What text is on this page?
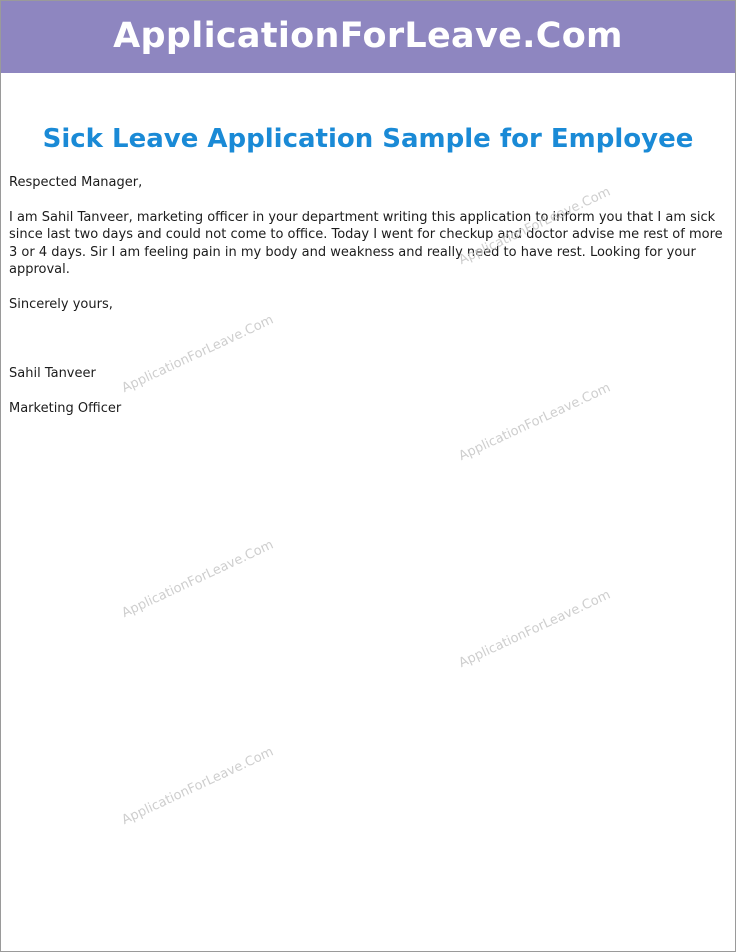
ApplicationForLeave.Com
Sick Leave Application Sample for Employee

Respected Manager,

I am Sahil Tanveer, marketing officer in your department writing this application to inform you that I am sick since last two days and could not come to office. Today I went for checkup and doctor advise me rest of more 3 or 4 days. Sir I am feeling pain in my body and weakness and really need to have rest. Looking for your approval.

Sincerely yours,

Sahil Tanveer

Marketing Officer

ApplicationForLeave.Com
ApplicationForLeave.Com
ApplicationForLeave.Com
ApplicationForLeave.Com
ApplicationForLeave.Com
ApplicationForLeave.Com
